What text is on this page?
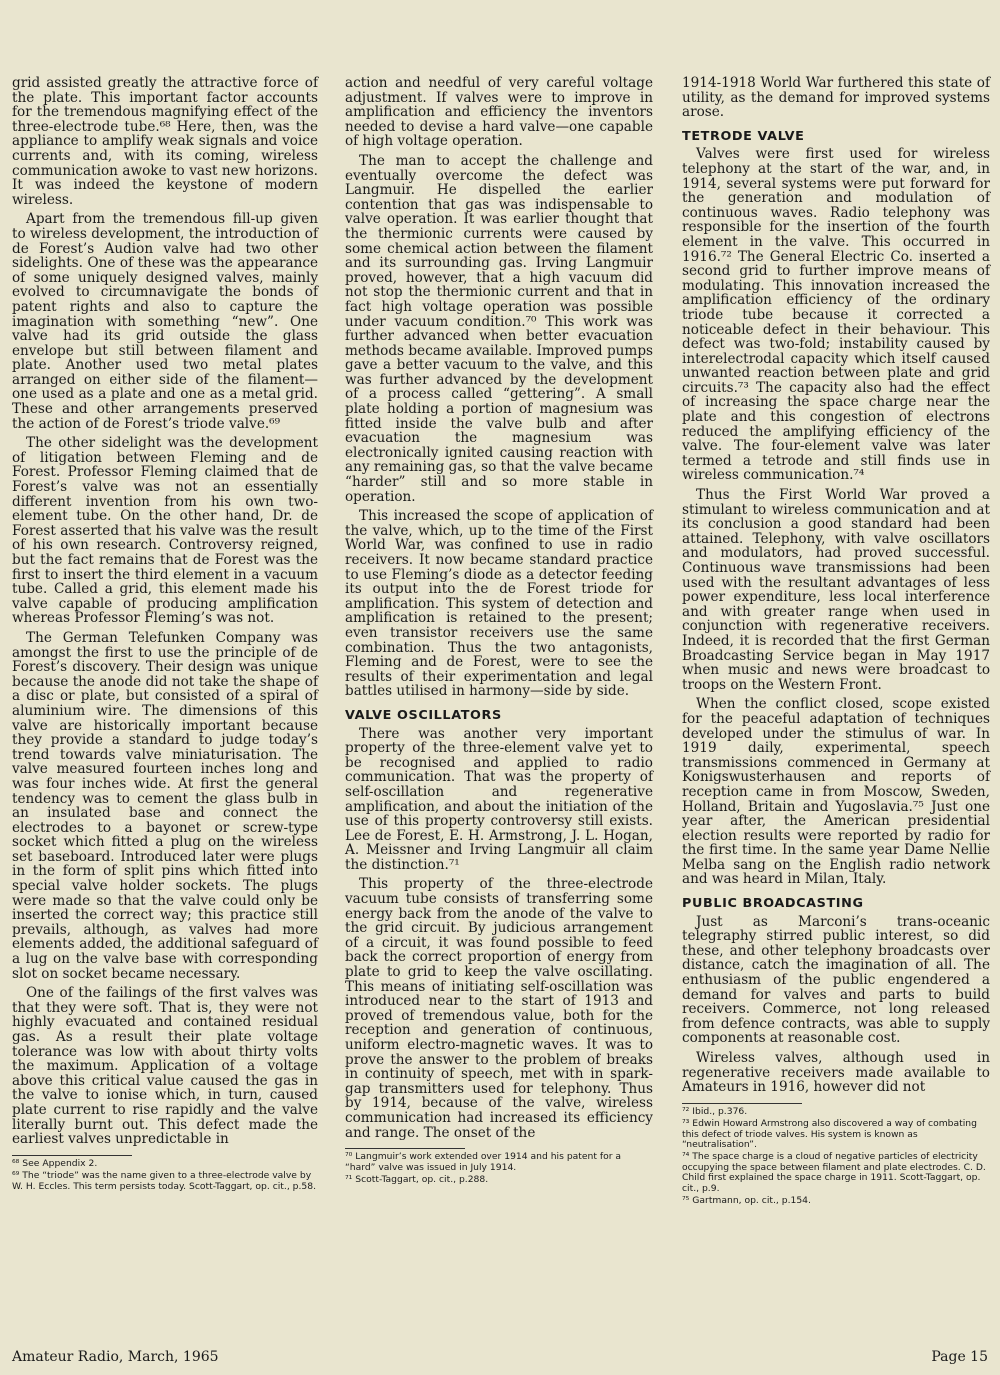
grid assisted greatly the attractive force of the plate. This important factor accounts for the tremendous magnifying effect of the three-electrode tube.⁶⁸ Here, then, was the appliance to amplify weak signals and voice currents and, with its coming, wireless communication awoke to vast new horizons. It was indeed the keystone of modern wireless.

Apart from the tremendous fill-up given to wireless development, the introduction of de Forest’s Audion valve had two other sidelights. One of these was the appearance of some uniquely designed valves, mainly evolved to circumnavigate the bonds of patent rights and also to capture the imagination with something “new”. One valve had its grid outside the glass envelope but still between filament and plate. Another used two metal plates arranged on either side of the filament—one used as a plate and one as a metal grid. These and other arrangements preserved the action of de Forest’s triode valve.⁶⁹

The other sidelight was the development of litigation between Fleming and de Forest. Professor Fleming claimed that de Forest’s valve was not an essentially different invention from his own two-element tube. On the other hand, Dr. de Forest asserted that his valve was the result of his own research. Controversy reigned, but the fact remains that de Forest was the first to insert the third element in a vacuum tube. Called a grid, this element made his valve capable of producing amplification whereas Professor Fleming’s was not.

The German Telefunken Company was amongst the first to use the principle of de Forest’s discovery. Their design was unique because the anode did not take the shape of a disc or plate, but consisted of a spiral of aluminium wire. The dimensions of this valve are historically important because they provide a standard to judge today’s trend towards valve miniaturisation. The valve measured fourteen inches long and was four inches wide. At first the general tendency was to cement the glass bulb in an insulated base and connect the electrodes to a bayonet or screw-type socket which fitted a plug on the wireless set baseboard. Introduced later were plugs in the form of split pins which fitted into special valve holder sockets. The plugs were made so that the valve could only be inserted the correct way; this practice still prevails, although, as valves had more elements added, the additional safeguard of a lug on the valve base with corresponding slot on socket became necessary.

One of the failings of the first valves was that they were soft. That is, they were not highly evacuated and contained residual gas. As a result their plate voltage tolerance was low with about thirty volts the maximum. Application of a voltage above this critical value caused the gas in the valve to ionise which, in turn, caused plate current to rise rapidly and the valve literally burnt out. This defect made the earliest valves unpredictable in

⁶⁸ See Appendix 2.
⁶⁹ The “triode” was the name given to a three-electrode valve by W. H. Eccles. This term persists today. Scott-Taggart, op. cit., p.58.

action and needful of very careful voltage adjustment. If valves were to improve in amplification and efficiency the inventors needed to devise a hard valve—one capable of high voltage operation.

The man to accept the challenge and eventually overcome the defect was Langmuir. He dispelled the earlier contention that gas was indispensable to valve operation. It was earlier thought that the thermionic currents were caused by some chemical action between the filament and its surrounding gas. Irving Langmuir proved, however, that a high vacuum did not stop the thermionic current and that in fact high voltage operation was possible under vacuum condition.⁷⁰ This work was further advanced when better evacuation methods became available. Improved pumps gave a better vacuum to the valve, and this was further advanced by the development of a process called “gettering”. A small plate holding a portion of magnesium was fitted inside the valve bulb and after evacuation the magnesium was electronically ignited causing reaction with any remaining gas, so that the valve became “harder” still and so more stable in operation.

This increased the scope of application of the valve, which, up to the time of the First World War, was confined to use in radio receivers. It now became standard practice to use Fleming’s diode as a detector feeding its output into the de Forest triode for amplification. This system of detection and amplification is retained to the present; even transistor receivers use the same combination. Thus the two antagonists, Fleming and de Forest, were to see the results of their experimentation and legal battles utilised in harmony—side by side.

VALVE OSCILLATORS

There was another very important property of the three-element valve yet to be recognised and applied to radio communication. That was the property of self-oscillation and regenerative amplification, and about the initiation of the use of this property controversy still exists. Lee de Forest, E. H. Armstrong, J. L. Hogan, A. Meissner and Irving Langmuir all claim the distinction.⁷¹

This property of the three-electrode vacuum tube consists of transferring some energy back from the anode of the valve to the grid circuit. By judicious arrangement of a circuit, it was found possible to feed back the correct proportion of energy from plate to grid to keep the valve oscillating. This means of initiating self-oscillation was introduced near to the start of 1913 and proved of tremendous value, both for the reception and generation of continuous, uniform electro-magnetic waves. It was to prove the answer to the problem of breaks in continuity of speech, met with in spark-gap transmitters used for telephony. Thus by 1914, because of the valve, wireless communication had increased its efficiency and range. The onset of the

⁷⁰ Langmuir’s work extended over 1914 and his patent for a “hard” valve was issued in July 1914.
⁷¹ Scott-Taggart, op. cit., p.288.

1914-1918 World War furthered this state of utility, as the demand for improved systems arose.

TETRODE VALVE

Valves were first used for wireless telephony at the start of the war, and, in 1914, several systems were put forward for the generation and modulation of continuous waves. Radio telephony was responsible for the insertion of the fourth element in the valve. This occurred in 1916.⁷² The General Electric Co. inserted a second grid to further improve means of modulating. This innovation increased the amplification efficiency of the ordinary triode tube because it corrected a noticeable defect in their behaviour. This defect was two-fold; instability caused by interelectrodal capacity which itself caused unwanted reaction between plate and grid circuits.⁷³ The capacity also had the effect of increasing the space charge near the plate and this congestion of electrons reduced the amplifying efficiency of the valve. The four-element valve was later termed a tetrode and still finds use in wireless communication.⁷⁴

Thus the First World War proved a stimulant to wireless communication and at its conclusion a good standard had been attained. Telephony, with valve oscillators and modulators, had proved successful. Continuous wave transmissions had been used with the resultant advantages of less power expenditure, less local interference and with greater range when used in conjunction with regenerative receivers. Indeed, it is recorded that the first German Broadcasting Service began in May 1917 when music and news were broadcast to troops on the Western Front.

When the conflict closed, scope existed for the peaceful adaptation of techniques developed under the stimulus of war. In 1919 daily, experimental, speech transmissions commenced in Germany at Konigswusterhausen and reports of reception came in from Moscow, Sweden, Holland, Britain and Yugoslavia.⁷⁵ Just one year after, the American presidential election results were reported by radio for the first time. In the same year Dame Nellie Melba sang on the English radio network and was heard in Milan, Italy.

PUBLIC BROADCASTING

Just as Marconi’s trans-oceanic telegraphy stirred public interest, so did these, and other telephony broadcasts over distance, catch the imagination of all. The enthusiasm of the public engendered a demand for valves and parts to build receivers. Commerce, not long released from defence contracts, was able to supply components at reasonable cost.

Wireless valves, although used in regenerative receivers made available to Amateurs in 1916, however did not

⁷² Ibid., p.376.
⁷³ Edwin Howard Armstrong also discovered a way of combating this defect of triode valves. His system is known as “neutralisation”.
⁷⁴ The space charge is a cloud of negative particles of electricity occupying the space between filament and plate electrodes. C. D. Child first explained the space charge in 1911. Scott-Taggart, op. cit., p.9.
⁷⁵ Gartmann, op. cit., p.154.
Amateur Radio, March, 1965	Page 15
